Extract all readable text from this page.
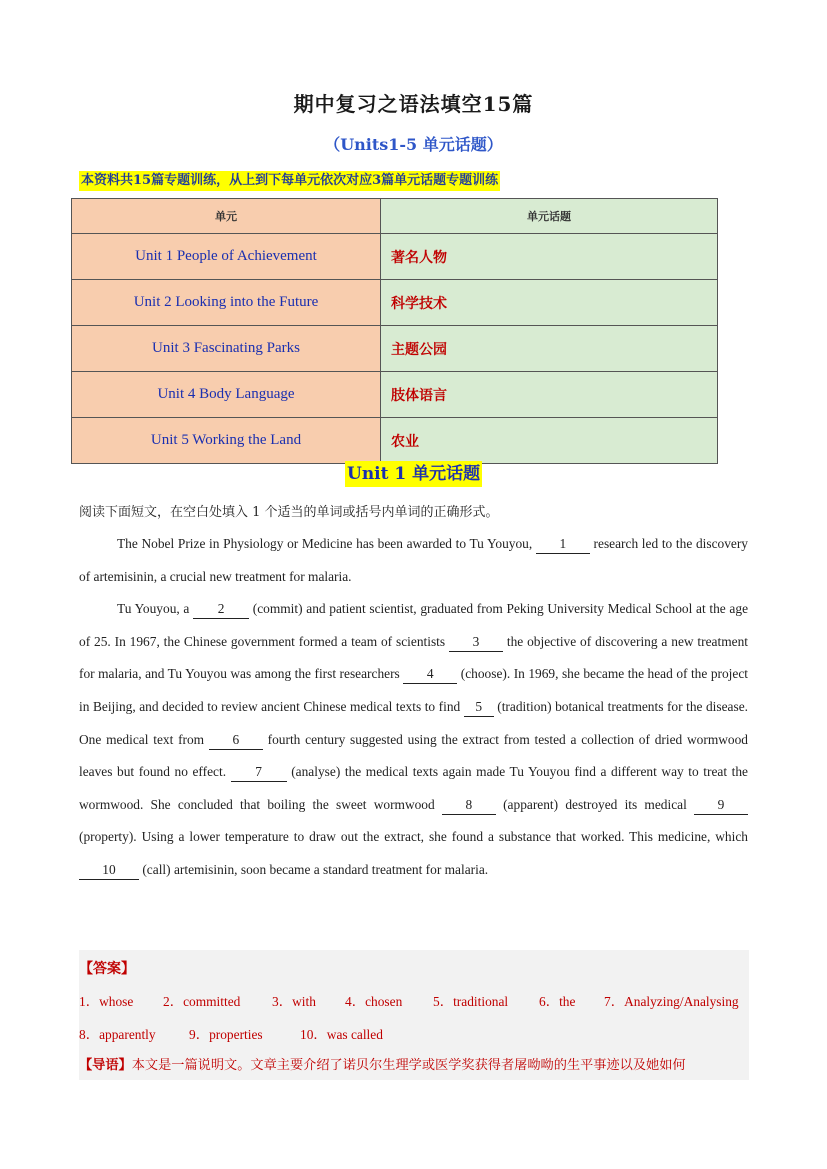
期中复习之语法填空15篇
（Units1-5 单元话题）
本资料共15篇专题训练，从上到下每单元依次对应3篇单元话题专题训练
单元	单元话题
Unit 1 People of Achievement	著名人物
Unit 2 Looking into the Future	科学技术
Unit 3 Fascinating Parks	主题公园
Unit 4 Body Language	肢体语言
Unit 5 Working the Land	农业
Unit 1 单元话题
阅读下面短文，在空白处填入 1 个适当的单词或括号内单词的正确形式。

The Nobel Prize in Physiology or Medicine has been awarded to Tu Youyou, 1 research led to the discovery of artemisinin, a crucial new treatment for malaria.

Tu Youyou, a 2 (commit) and patient scientist, graduated from Peking University Medical School at the age of 25. In 1967, the Chinese government formed a team of scientists 3 the objective of discovering a new treatment for malaria, and Tu Youyou was among the first researchers 4 (choose). In 1969, she became the head of the project in Beijing, and decided to review ancient Chinese medical texts to find 5 (tradition) botanical treatments for the disease. One medical text from 6 fourth century suggested using the extract from tested a collection of dried wormwood leaves but found no effect. 7 (analyse) the medical texts again made Tu Youyou find a different way to treat the wormwood. She concluded that boiling the sweet wormwood 8 (apparent) destroyed its medical 9 (property). Using a lower temperature to draw out the extract, she found a substance that worked. This medicine, which 10 (call) artemisinin, soon became a standard treatment for malaria.

【答案】
1．whose 2．committed 3．with 4．chosen 5．traditional 6．the 7．Analyzing/Analysing
8．apparently 9．properties	10．was called
【导语】本文是一篇说明文。文章主要介绍了诺贝尔生理学或医学奖获得者屠呦呦的生平事迹以及她如何
